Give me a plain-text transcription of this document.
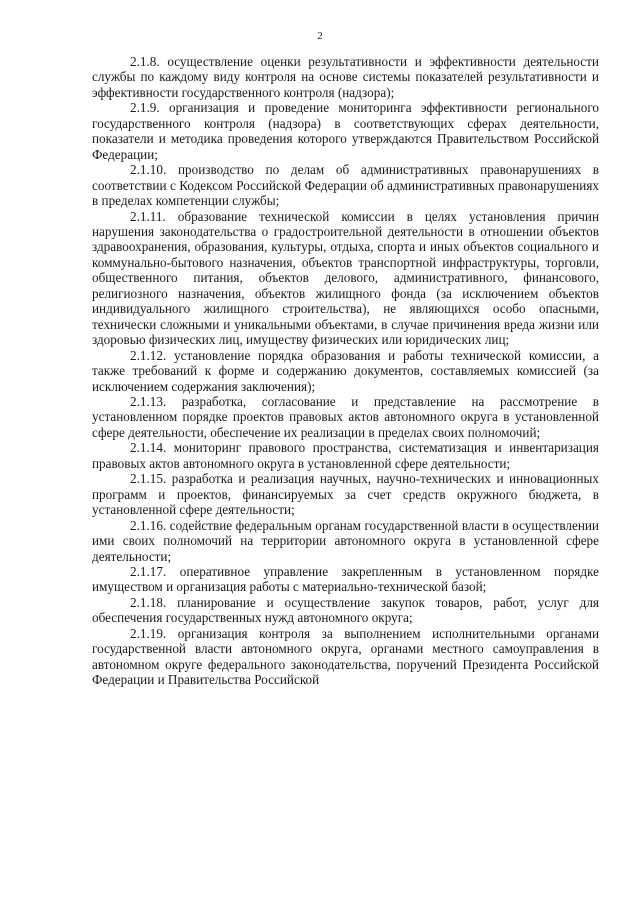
2

2.1.8. осуществление оценки результативности и эффективности деятельности службы по каждому виду контроля на основе системы показателей результативности и эффективности государственного контроля (надзора);

2.1.9. организация и проведение мониторинга эффективности регионального государственного контроля (надзора) в соответствующих сферах деятельности, показатели и методика проведения которого утверждаются Правительством Российской Федерации;

2.1.10. производство по делам об административных правонарушениях в соответствии с Кодексом Российской Федерации об административных правонарушениях в пределах компетенции службы;

2.1.11. образование технической комиссии в целях установления причин нарушения законодательства о градостроительной деятельности в отношении объектов здравоохранения, образования, культуры, отдыха, спорта и иных объектов социального и коммунально-бытового назначения, объектов транспортной инфраструктуры, торговли, общественного питания, объектов делового, административного, финансового, религиозного назначения, объектов жилищного фонда (за исключением объектов индивидуального жилищного строительства), не являющихся особо опасными, технически сложными и уникальными объектами, в случае причинения вреда жизни или здоровью физических лиц, имуществу физических или юридических лиц;

2.1.12. установление порядка образования и работы технической комиссии, а также требований к форме и содержанию документов, составляемых комиссией (за исключением содержания заключения);

2.1.13. разработка, согласование и представление на рассмотрение в установленном порядке проектов правовых актов автономного округа в установленной сфере деятельности, обеспечение их реализации в пределах своих полномочий;

2.1.14. мониторинг правового пространства, систематизация и инвентаризация правовых актов автономного округа в установленной сфере деятельности;

2.1.15. разработка и реализация научных, научно-технических и инновационных программ и проектов, финансируемых за счет средств окружного бюджета, в установленной сфере деятельности;

2.1.16. содействие федеральным органам государственной власти в осуществлении ими своих полномочий на территории автономного округа в установленной сфере деятельности;

2.1.17. оперативное управление закрепленным в установленном порядке имуществом и организация работы с материально-технической базой;

2.1.18. планирование и осуществление закупок товаров, работ, услуг для обеспечения государственных нужд автономного округа;

2.1.19. организация контроля за выполнением исполнительными органами государственной власти автономного округа, органами местного самоуправления в автономном округе федерального законодательства, поручений Президента Российской Федерации и Правительства Российской
